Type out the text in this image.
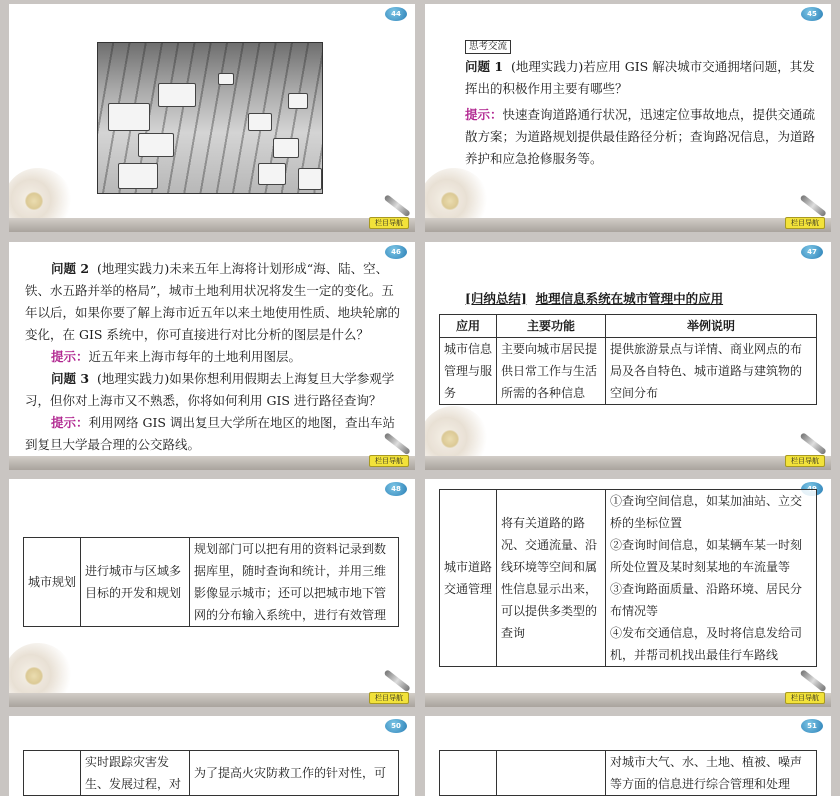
44
栏目导航
45
思考交流
问题 1 (地理实践力)若应用 GIS 解决城市交通拥堵问题，其发挥出的积极作用主要有哪些？
提示：快速查询道路通行状况，迅速定位事故地点，提供交通疏散方案；为道路规划提供最佳路径分析；查询路况信息，为道路养护和应急抢修服务等。
栏目导航
46
问题 2 (地理实践力)未来五年上海将计划形成“海、陆、空、铁、水五路并举的格局”，城市土地利用状况将发生一定的变化。五年以后，如果你要了解上海市近五年以来土地使用性质、地块轮廓的变化，在 GIS 系统中，你可直接进行对比分析的图层是什么？
提示：近五年来上海市每年的土地利用图层。
问题 3 (地理实践力)如果你想利用假期去上海复旦大学参观学习，但你对上海市又不熟悉，你将如何利用 GIS 进行路径查询？
提示：利用网络 GIS 调出复旦大学所在地区的地图，查出车站到复旦大学最合理的公交路线。
栏目导航
47
[归纳总结] 地理信息系统在城市管理中的应用
应用	主要功能	举例说明
城市信息管理与服务	主要向城市居民提供日常工作与生活所需的各种信息	提供旅游景点与详情、商业网点的布局及各自特色、城市道路与建筑物的空间分布
栏目导航
48
城市规划	进行城市与区域多目标的开发和规划	规划部门可以把有用的资料记录到数据库里，随时查询和统计，并用三维影像显示城市；还可以把城市地下管网的分布输入系统中，进行有效管理
栏目导航
城市道路交通管理	将有关道路的路况、交通流量、沿线环境等空间和属性信息显示出来，可以提供多类型的查询	
①查询空间信息，如某加油站、立交桥的坐标位置
②查询时间信息，如某辆车某一时刻所处位置及某时刻某地的车流量等
③查询路面质量、沿路环境、居民分布情况等
④发布交通信息，及时将信息发给司机，并帮司机找出最佳行车路线
栏目导航
50
	实时跟踪灾害发生、发展过程，对	为了提高火灾防救工作的针对性，可
51
		对城市大气、水、土地、植被、噪声等方面的信息进行综合管理和处理
